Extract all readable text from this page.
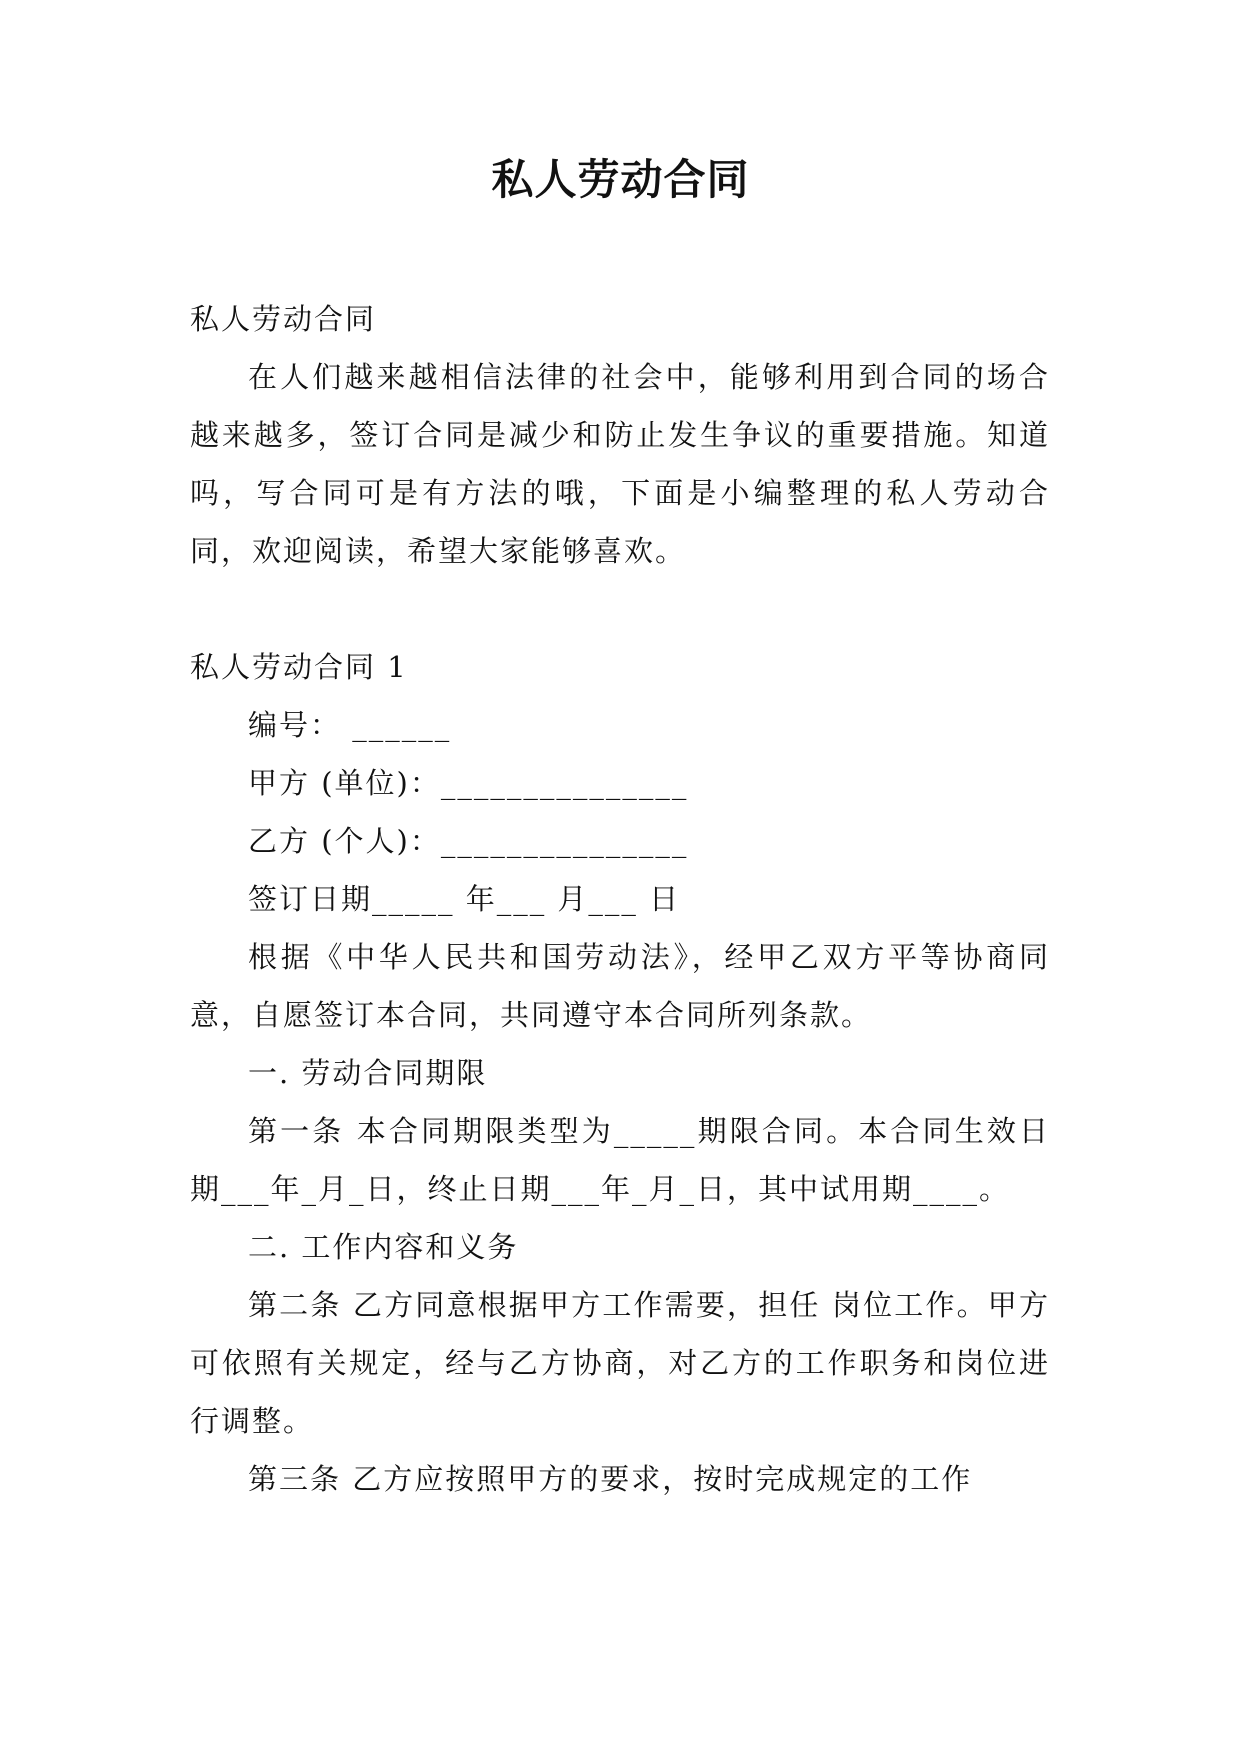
私人劳动合同

私人劳动合同

在人们越来越相信法律的社会中，能够利用到合同的场合越来越多，签订合同是减少和防止发生争议的重要措施。知道吗，写合同可是有方法的哦，下面是小编整理的私人劳动合同，欢迎阅读，希望大家能够喜欢。

私人劳动合同 1

编号： ______

甲方 (单位)：_______________

乙方 (个人)：_______________

签订日期_____ 年___ 月___ 日

根据《中华人民共和国劳动法》，经甲乙双方平等协商同意，自愿签订本合同，共同遵守本合同所列条款。

一. 劳动合同期限

第一条 本合同期限类型为_____期限合同。本合同生效日期___年_月_日，终止日期___年_月_日，其中试用期____。

二. 工作内容和义务

第二条 乙方同意根据甲方工作需要，担任 岗位工作。甲方可依照有关规定，经与乙方协商，对乙方的工作职务和岗位进行调整。

第三条 乙方应按照甲方的要求，按时完成规定的工作
